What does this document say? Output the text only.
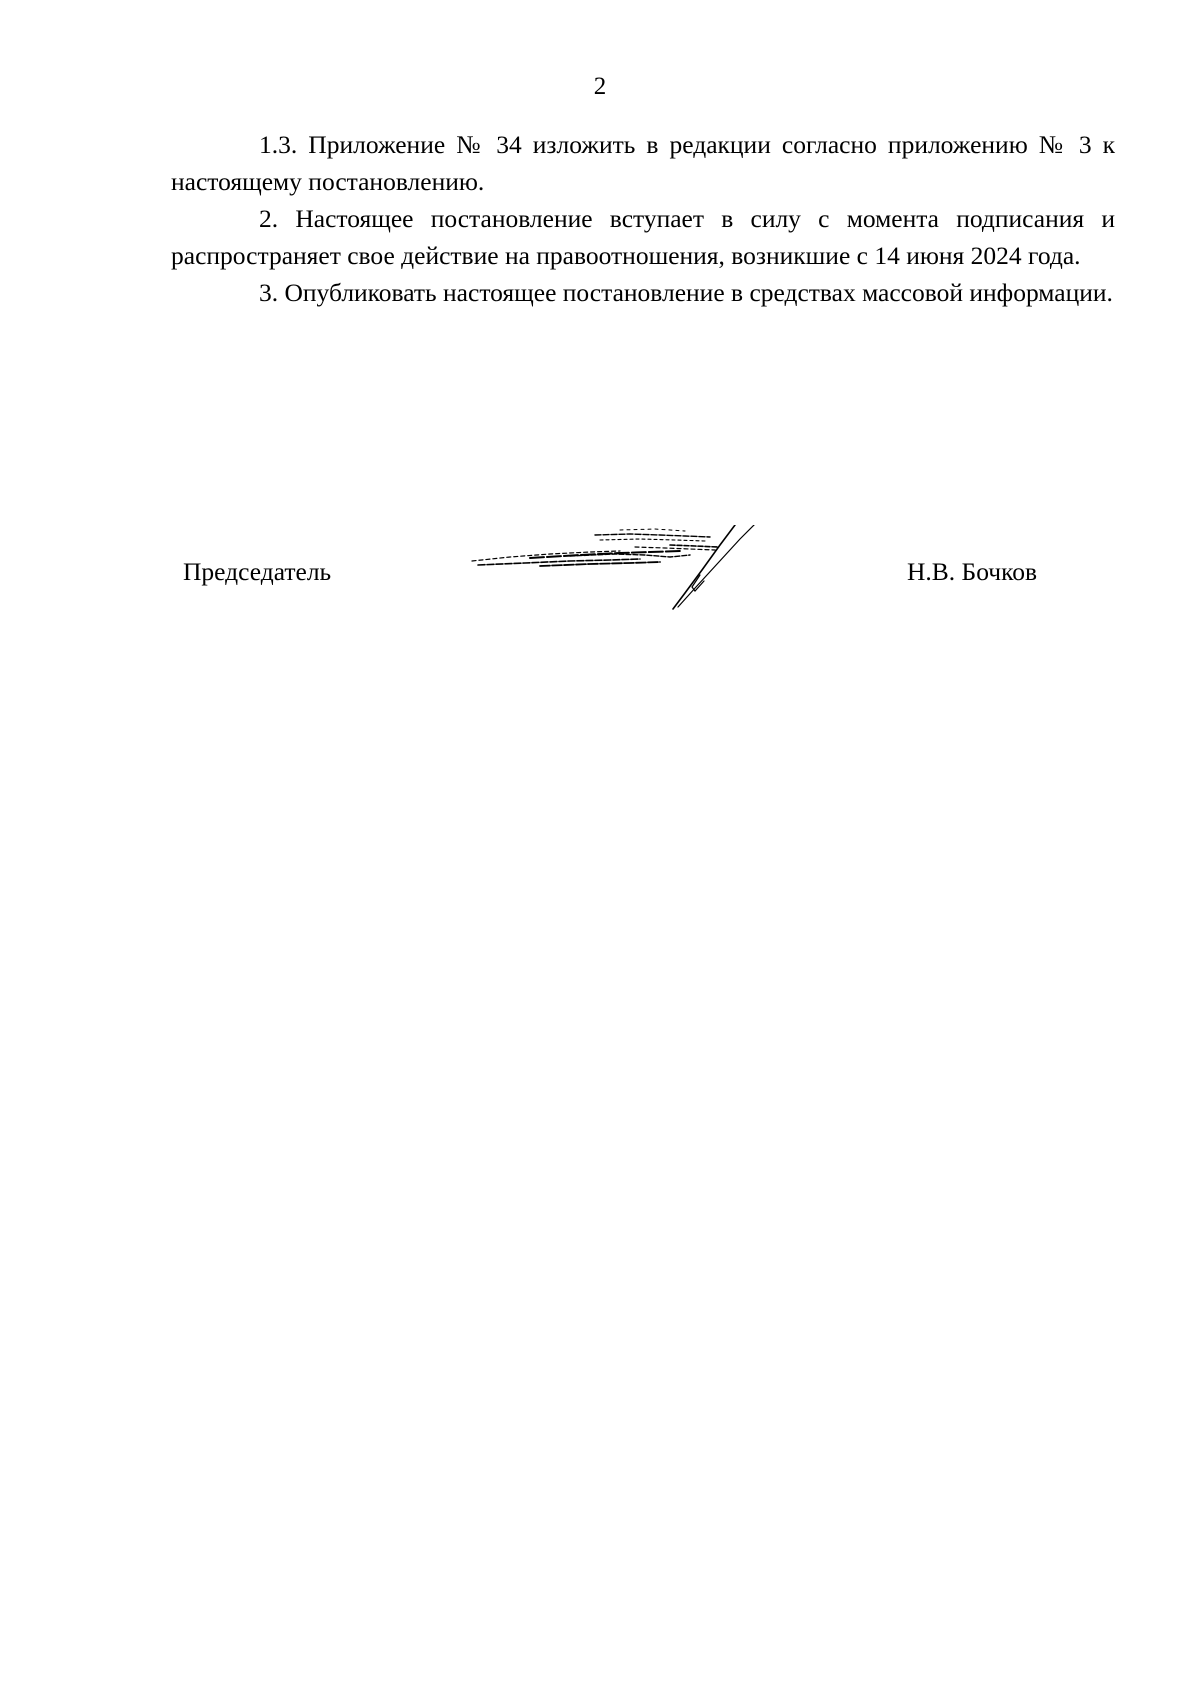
2

1.3. Приложение № 34 изложить в редакции согласно приложению № 3 к настоящему постановлению.

2. Настоящее постановление вступает в силу с момента подписания и распространяет свое действие на правоотношения, возникшие с 14 июня 2024 года.

3. Опубликовать настоящее постановление в средствах массовой информации.

Председатель	Н.В. Бочков
